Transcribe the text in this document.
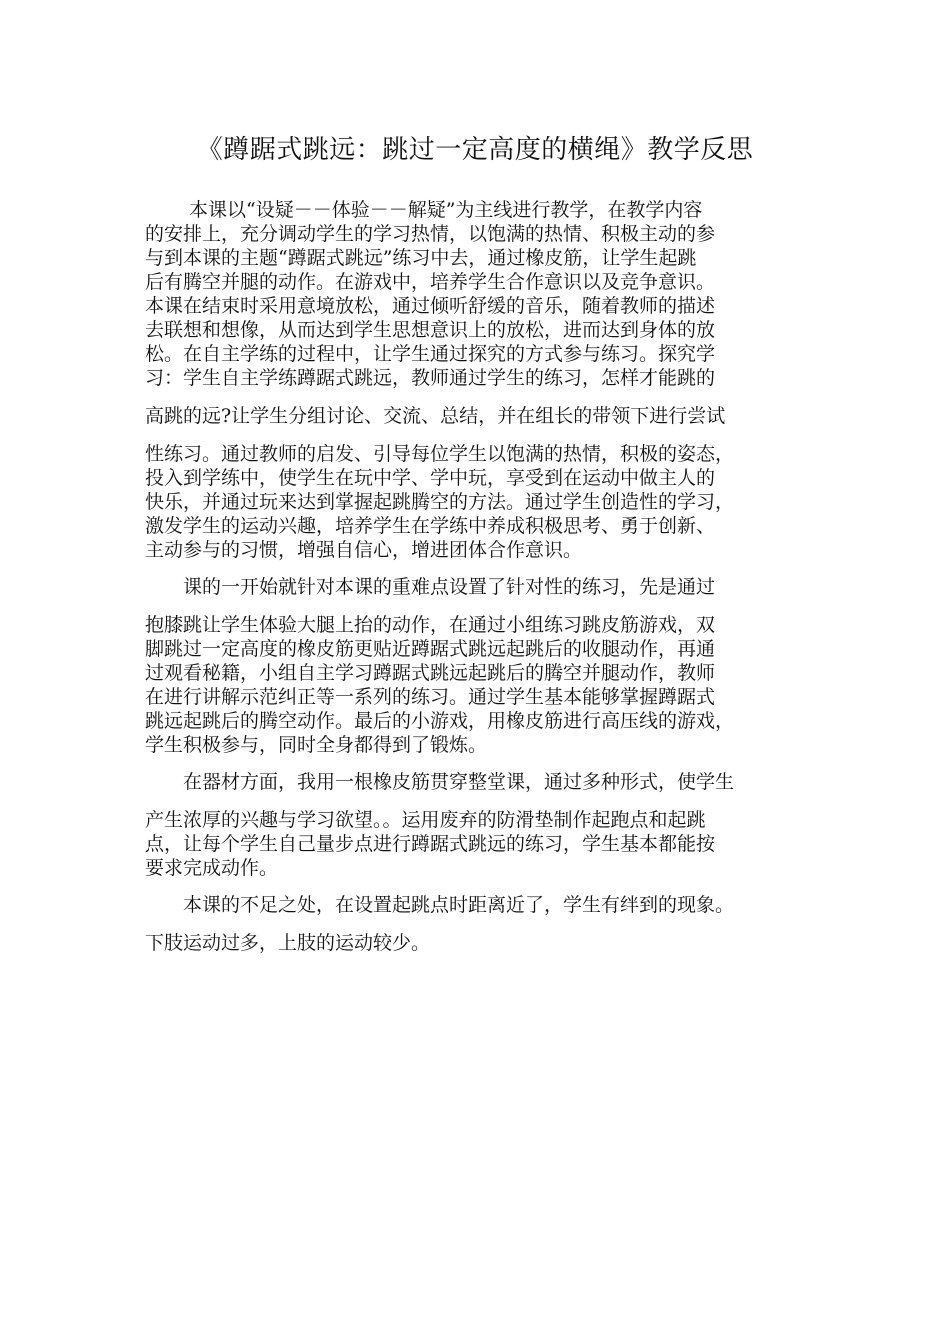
《蹲踞式跳远：跳过一定高度的横绳》教学反思
本课以“设疑－－体验－－解疑”为主线进行教学，在教学内容
的安排上，充分调动学生的学习热情，以饱满的热情、积极主动的参
与到本课的主题“蹲踞式跳远”练习中去，通过橡皮筋，让学生起跳
后有腾空并腿的动作。在游戏中，培养学生合作意识以及竞争意识。
本课在结束时采用意境放松，通过倾听舒缓的音乐，随着教师的描述
去联想和想像，从而达到学生思想意识上的放松，进而达到身体的放
松。在自主学练的过程中，让学生通过探究的方式参与练习。探究学
习：学生自主学练蹲踞式跳远，教师通过学生的练习，怎样才能跳的
高跳的远?让学生分组讨论、交流、总结，并在组长的带领下进行尝试
性练习。通过教师的启发、引导每位学生以饱满的热情，积极的姿态，
投入到学练中，使学生在玩中学、学中玩，享受到在运动中做主人的
快乐，并通过玩来达到掌握起跳腾空的方法。通过学生创造性的学习，
激发学生的运动兴趣，培养学生在学练中养成积极思考、勇于创新、
主动参与的习惯，增强自信心，增进团体合作意识。
课的一开始就针对本课的重难点设置了针对性的练习，先是通过
抱膝跳让学生体验大腿上抬的动作，在通过小组练习跳皮筋游戏，双
脚跳过一定高度的橡皮筋更贴近蹲踞式跳远起跳后的收腿动作，再通
过观看秘籍，小组自主学习蹲踞式跳远起跳后的腾空并腿动作，教师
在进行讲解示范纠正等一系列的练习。通过学生基本能够掌握蹲踞式
跳远起跳后的腾空动作。最后的小游戏，用橡皮筋进行高压线的游戏，
学生积极参与，同时全身都得到了锻炼。
在器材方面，我用一根橡皮筋贯穿整堂课，通过多种形式，使学生
产生浓厚的兴趣与学习欲望。。运用废弃的防滑垫制作起跑点和起跳
点，让每个学生自己量步点进行蹲踞式跳远的练习，学生基本都能按
要求完成动作。
本课的不足之处，在设置起跳点时距离近了，学生有绊到的现象。
下肢运动过多，上肢的运动较少。
